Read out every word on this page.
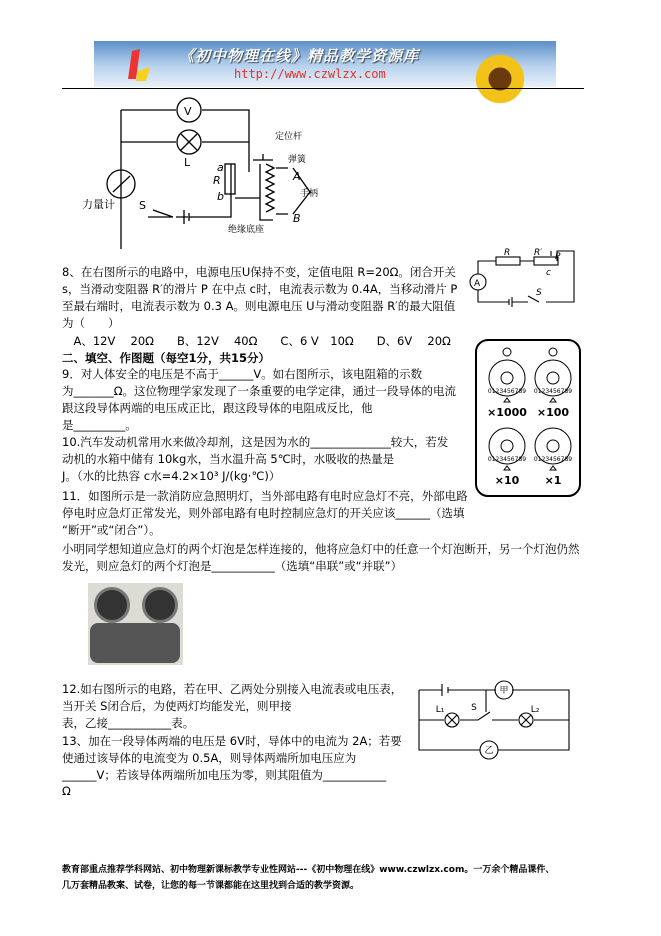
《初中物理在线》精品教学资源库
http://www.czwlzx.com
V
L
力量计 S
a
R
b
定位杆
弹簧
A
手柄
B
绝缘底座
R	R′ P
c
A
S
×1000 ×100
×10 ×1
0123456789 0123456789
0123456789 0123456789
甲
乙
L₁	L₂
S
8、在右图所示的电路中，电源电压U保持不变，定值电阻 R=20Ω。闭合开关
s，当滑动变阻器 R′的滑片 P 在中点 c时，电流表示数为 0.4A，当移动滑片 P
至最右端时，电流表示数为 0.3 A。则电源电压 U与滑动变阻器 R′的最大阻值
为（　　）
　A、12V　 20Ω　　B、12V　 40Ω　　C、6 V　10Ω　　D、6V　 20Ω
二、填空、作图题（每空1分，共15分）
9．对人体安全的电压是不高于______V。如右图所示，该电阻箱的示数
为_______Ω。这位物理学家发现了一条重要的电学定律，通过一段导体的电流
跟这段导体两端的电压成正比，跟这段导体的电阻成反比，他
是_________。
10.汽车发动机常用水来做冷却剂，这是因为水的______________较大，若发
动机的水箱中储有 10kg水，当水温升高 5℃时，水吸收的热量是
J。（水的比热容 c水=4.2×10³ J/(kg·℃)）
11．如图所示是一款消防应急照明灯，当外部电路有电时应急灯不亮，外部电路
停电时应急灯正常发光，则外部电路有电时控制应急灯的开关应该______（选填
“断开”或“闭合”）。
小明同学想知道应急灯的两个灯泡是怎样连接的，他将应急灯中的任意一个灯泡断开，另一个灯泡仍然
发光，则应急灯的两个灯泡是___________（选填“串联”或“并联”）
12.如右图所示的电路，若在甲、乙两处分别接入电流表或电压表，
当开关 S闭合后，为使两灯均能发光，则甲接
表，乙接___________表。
13、加在一段导体两端的电压是 6V时，导体中的电流为 2A；若要
使通过该导体的电流变为 0.5A，则导体两端所加电压应为
______V；若该导体两端所加电压为零，则其阻值为___________
Ω
教育部重点推荐学科网站、初中物理新课标教学专业性网站---《初中物理在线》www.czwlzx.com。一万余个精品课件、
几万套精品教案、试卷，让您的每一节课都能在这里找到合适的教学资源。
